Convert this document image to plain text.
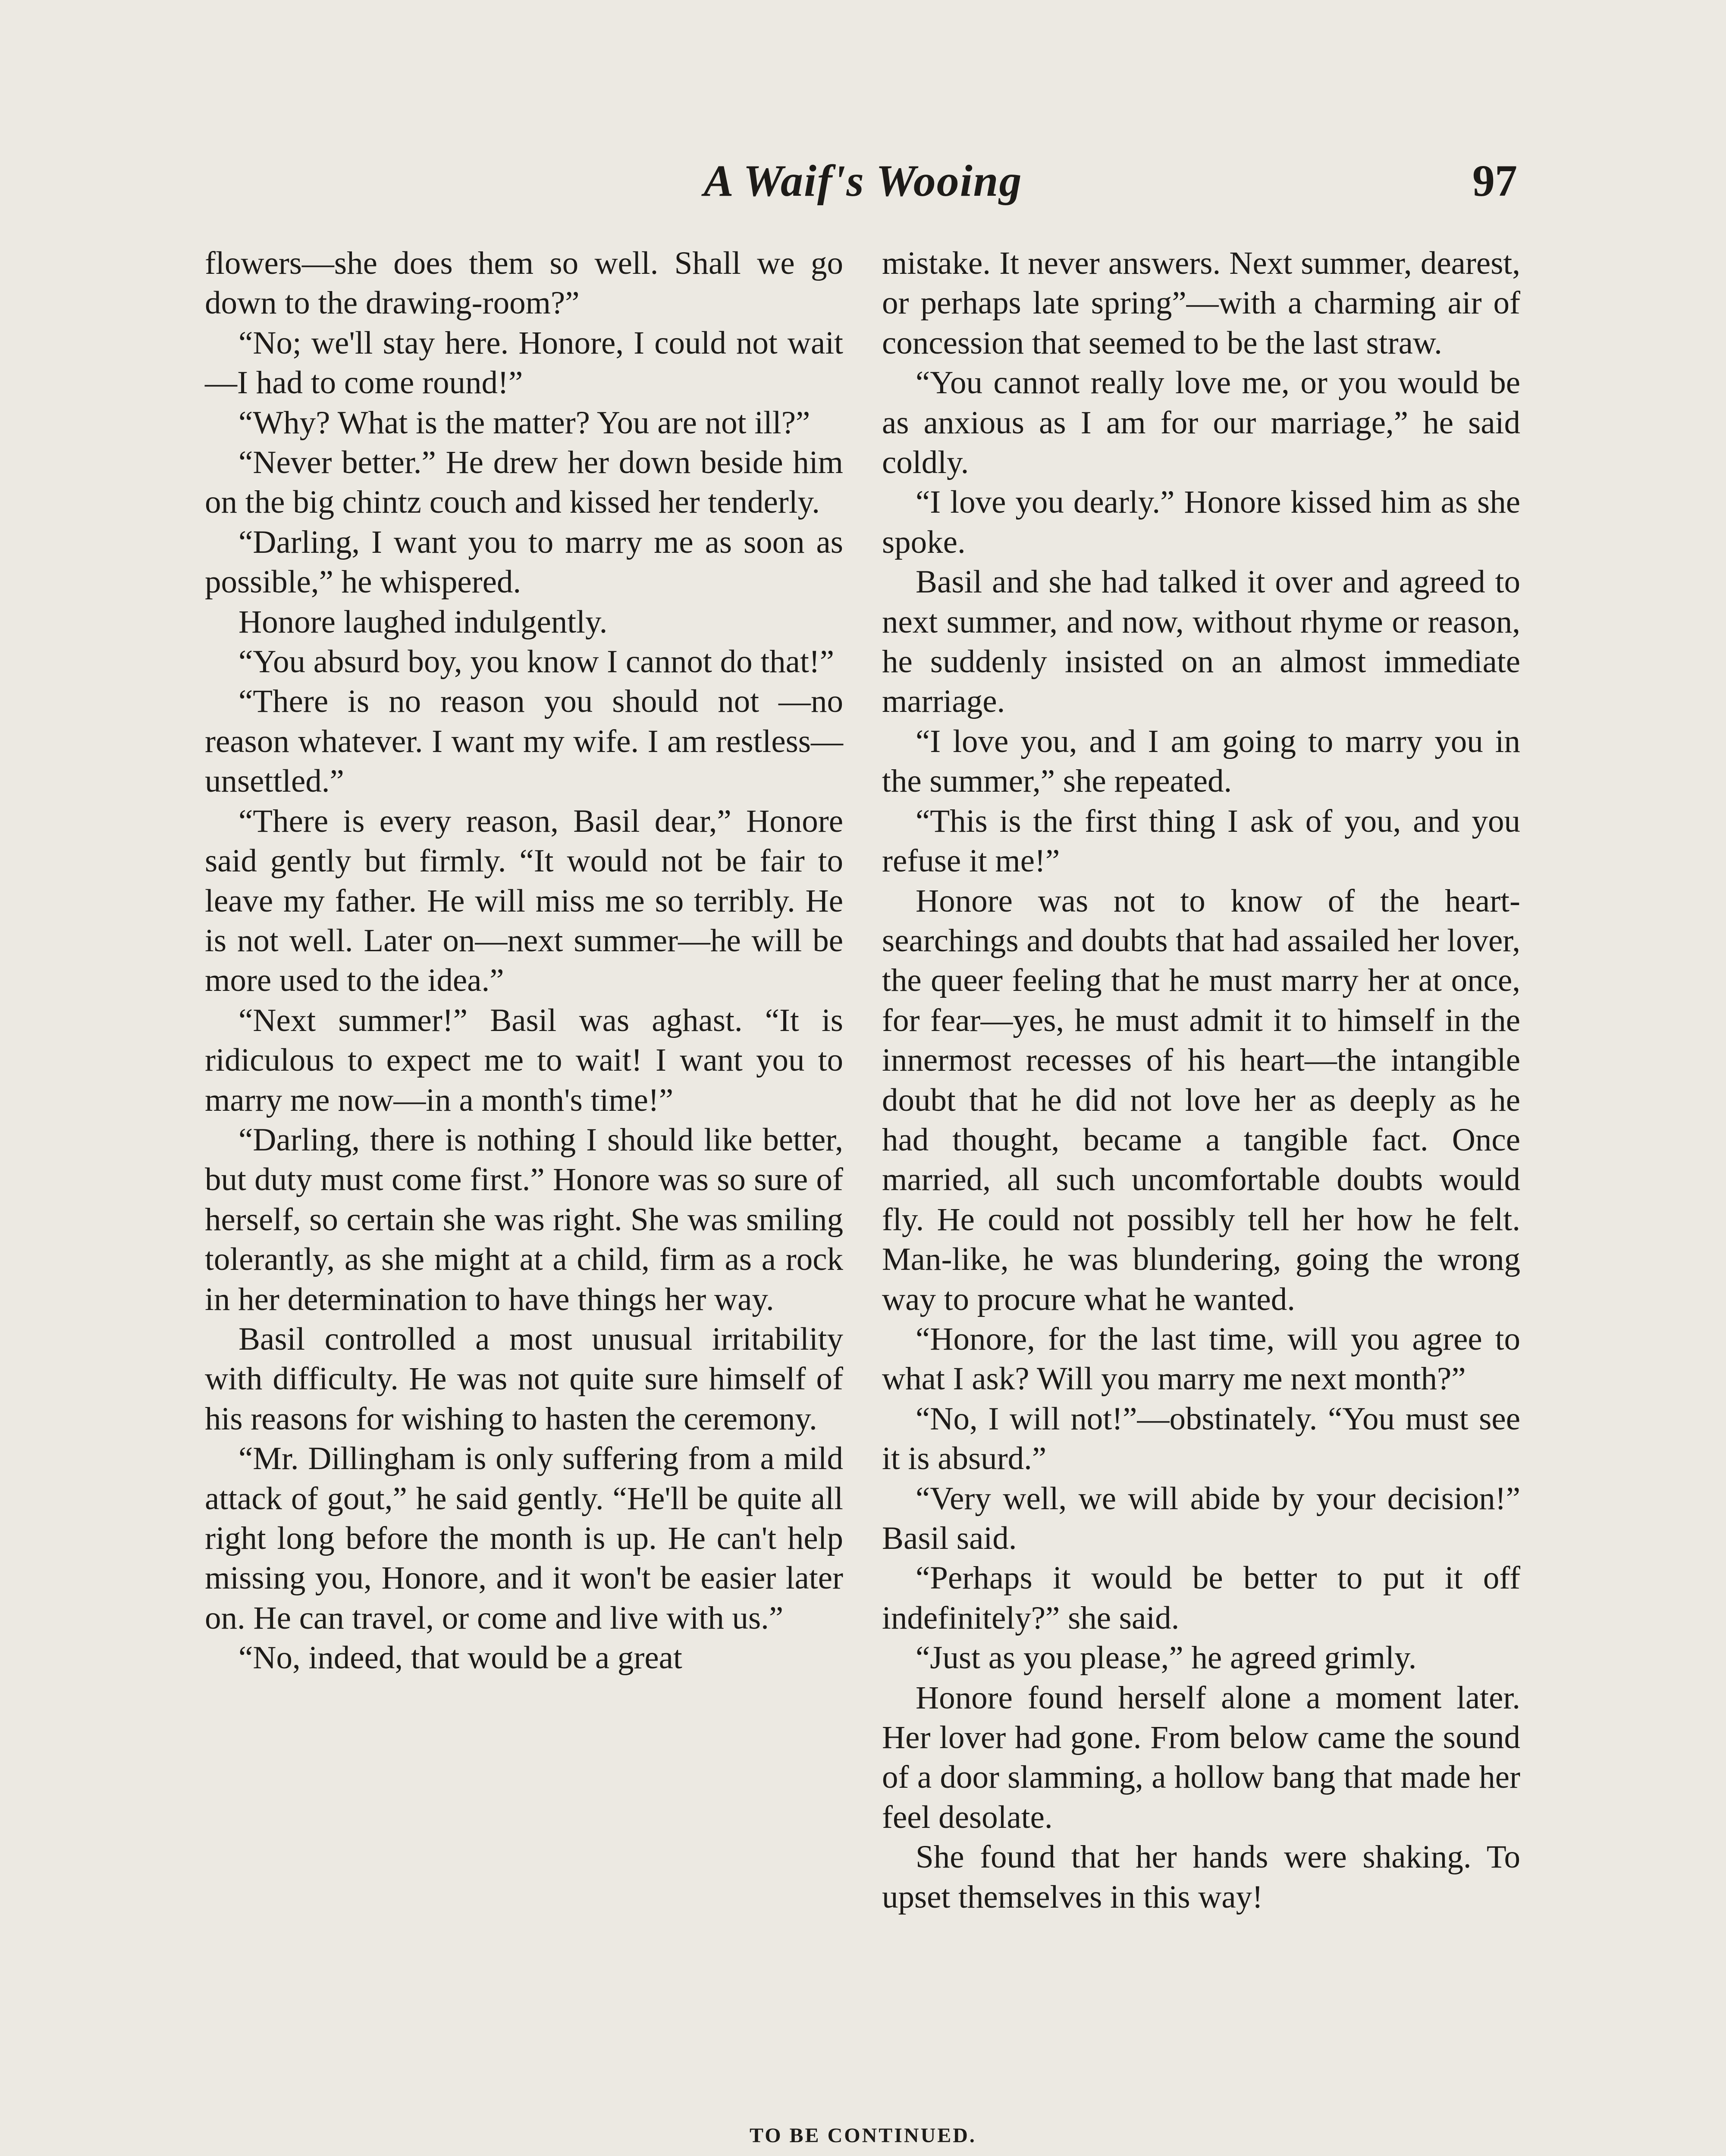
A Waif's Wooing	97

flowers—she does them so well. Shall we go down to the drawing-room?”

“No; we'll stay here. Honore, I could not wait—I had to come round!”

“Why? What is the matter? You are not ill?”

“Never better.” He drew her down beside him on the big chintz couch and kissed her tenderly.

“Darling, I want you to marry me as soon as possible,” he whispered.

Honore laughed indulgently.

“You absurd boy, you know I cannot do that!”

“There is no reason you should not —no reason whatever. I want my wife. I am restless—unsettled.”

“There is every reason, Basil dear,” Honore said gently but firmly. “It would not be fair to leave my father. He will miss me so terribly. He is not well. Later on—next summer—he will be more used to the idea.”

“Next summer!” Basil was aghast. “It is ridiculous to expect me to wait! I want you to marry me now—in a month's time!”

“Darling, there is nothing I should like better, but duty must come first.” Honore was so sure of herself, so certain she was right. She was smiling tolerantly, as she might at a child, firm as a rock in her determination to have things her way.

Basil controlled a most unusual irritability with difficulty. He was not quite sure himself of his reasons for wishing to hasten the ceremony.

“Mr. Dillingham is only suffering from a mild attack of gout,” he said gently. “He'll be quite all right long before the month is up. He can't help missing you, Honore, and it won't be easier later on. He can travel, or come and live with us.”

“No, indeed, that would be a great

mistake. It never answers. Next summer, dearest, or perhaps late spring”—with a charming air of concession that seemed to be the last straw.

“You cannot really love me, or you would be as anxious as I am for our marriage,” he said coldly.

“I love you dearly.” Honore kissed him as she spoke.

Basil and she had talked it over and agreed to next summer, and now, without rhyme or reason, he suddenly insisted on an almost immediate marriage.

“I love you, and I am going to marry you in the summer,” she repeated.

“This is the first thing I ask of you, and you refuse it me!”

Honore was not to know of the heart-searchings and doubts that had assailed her lover, the queer feeling that he must marry her at once, for fear—yes, he must admit it to himself in the innermost recesses of his heart—the intangible doubt that he did not love her as deeply as he had thought, became a tangible fact. Once married, all such uncomfortable doubts would fly. He could not possibly tell her how he felt. Man-like, he was blundering, going the wrong way to procure what he wanted.

“Honore, for the last time, will you agree to what I ask? Will you marry me next month?”

“No, I will not!”—obstinately. “You must see it is absurd.”

“Very well, we will abide by your decision!” Basil said.

“Perhaps it would be better to put it off indefinitely?” she said.

“Just as you please,” he agreed grimly.

Honore found herself alone a moment later. Her lover had gone. From below came the sound of a door slamming, a hollow bang that made her feel desolate.

She found that her hands were shaking. To upset themselves in this way!

TO BE CONTINUED.
